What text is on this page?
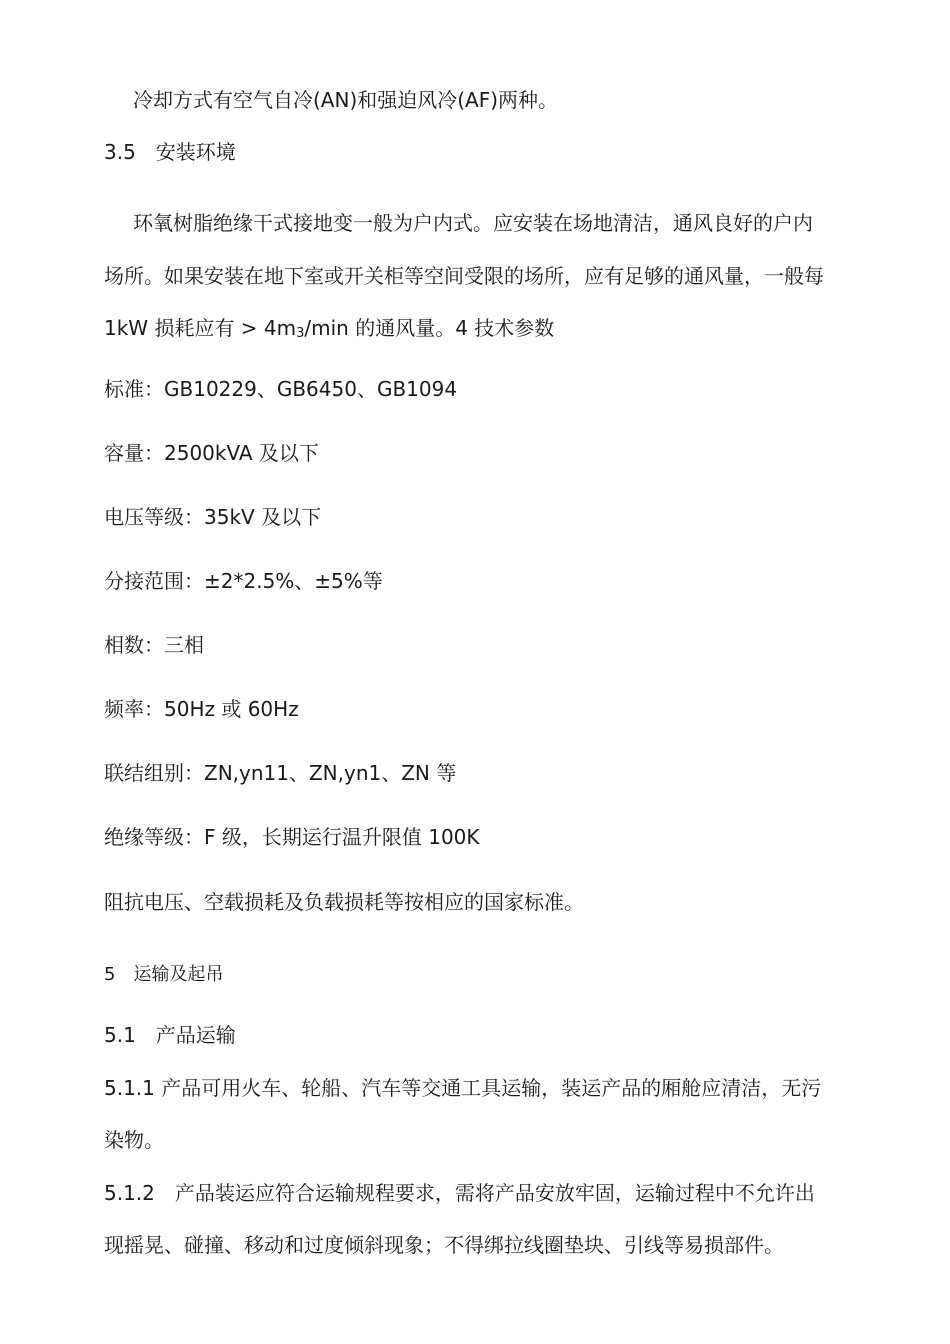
冷却方式有空气自冷(AN)和强迫风冷(AF)两种。
3.5　安装环境
环氧树脂绝缘干式接地变一般为户内式。应安装在场地清洁，通风良好的户内
场所。如果安装在地下室或开关柜等空间受限的场所，应有足够的通风量，一般每
1kW 损耗应有 > $4m_3/\min$ 的通风量。4 技术参数
标准：GB10229、GB6450、GB1094
容量：2500kVA 及以下
电压等级：35kV 及以下
分接范围：±2*2.5%、±5%等
相数：三相
频率：50Hz 或 60Hz
联结组别：ZN,yn11、ZN,yn1、ZN 等
绝缘等级：F 级，长期运行温升限值 100K
阻抗电压、空载损耗及负载损耗等按相应的国家标准。
5　运输及起吊
5.1　产品运输
5.1.1 产品可用火车、轮船、汽车等交通工具运输，装运产品的厢舱应清洁，无污
染物。
5.1.2　产品装运应符合运输规程要求，需将产品安放牢固，运输过程中不允许出
现摇晃、碰撞、移动和过度倾斜现象；不得绑拉线圈垫块、引线等易损部件。
